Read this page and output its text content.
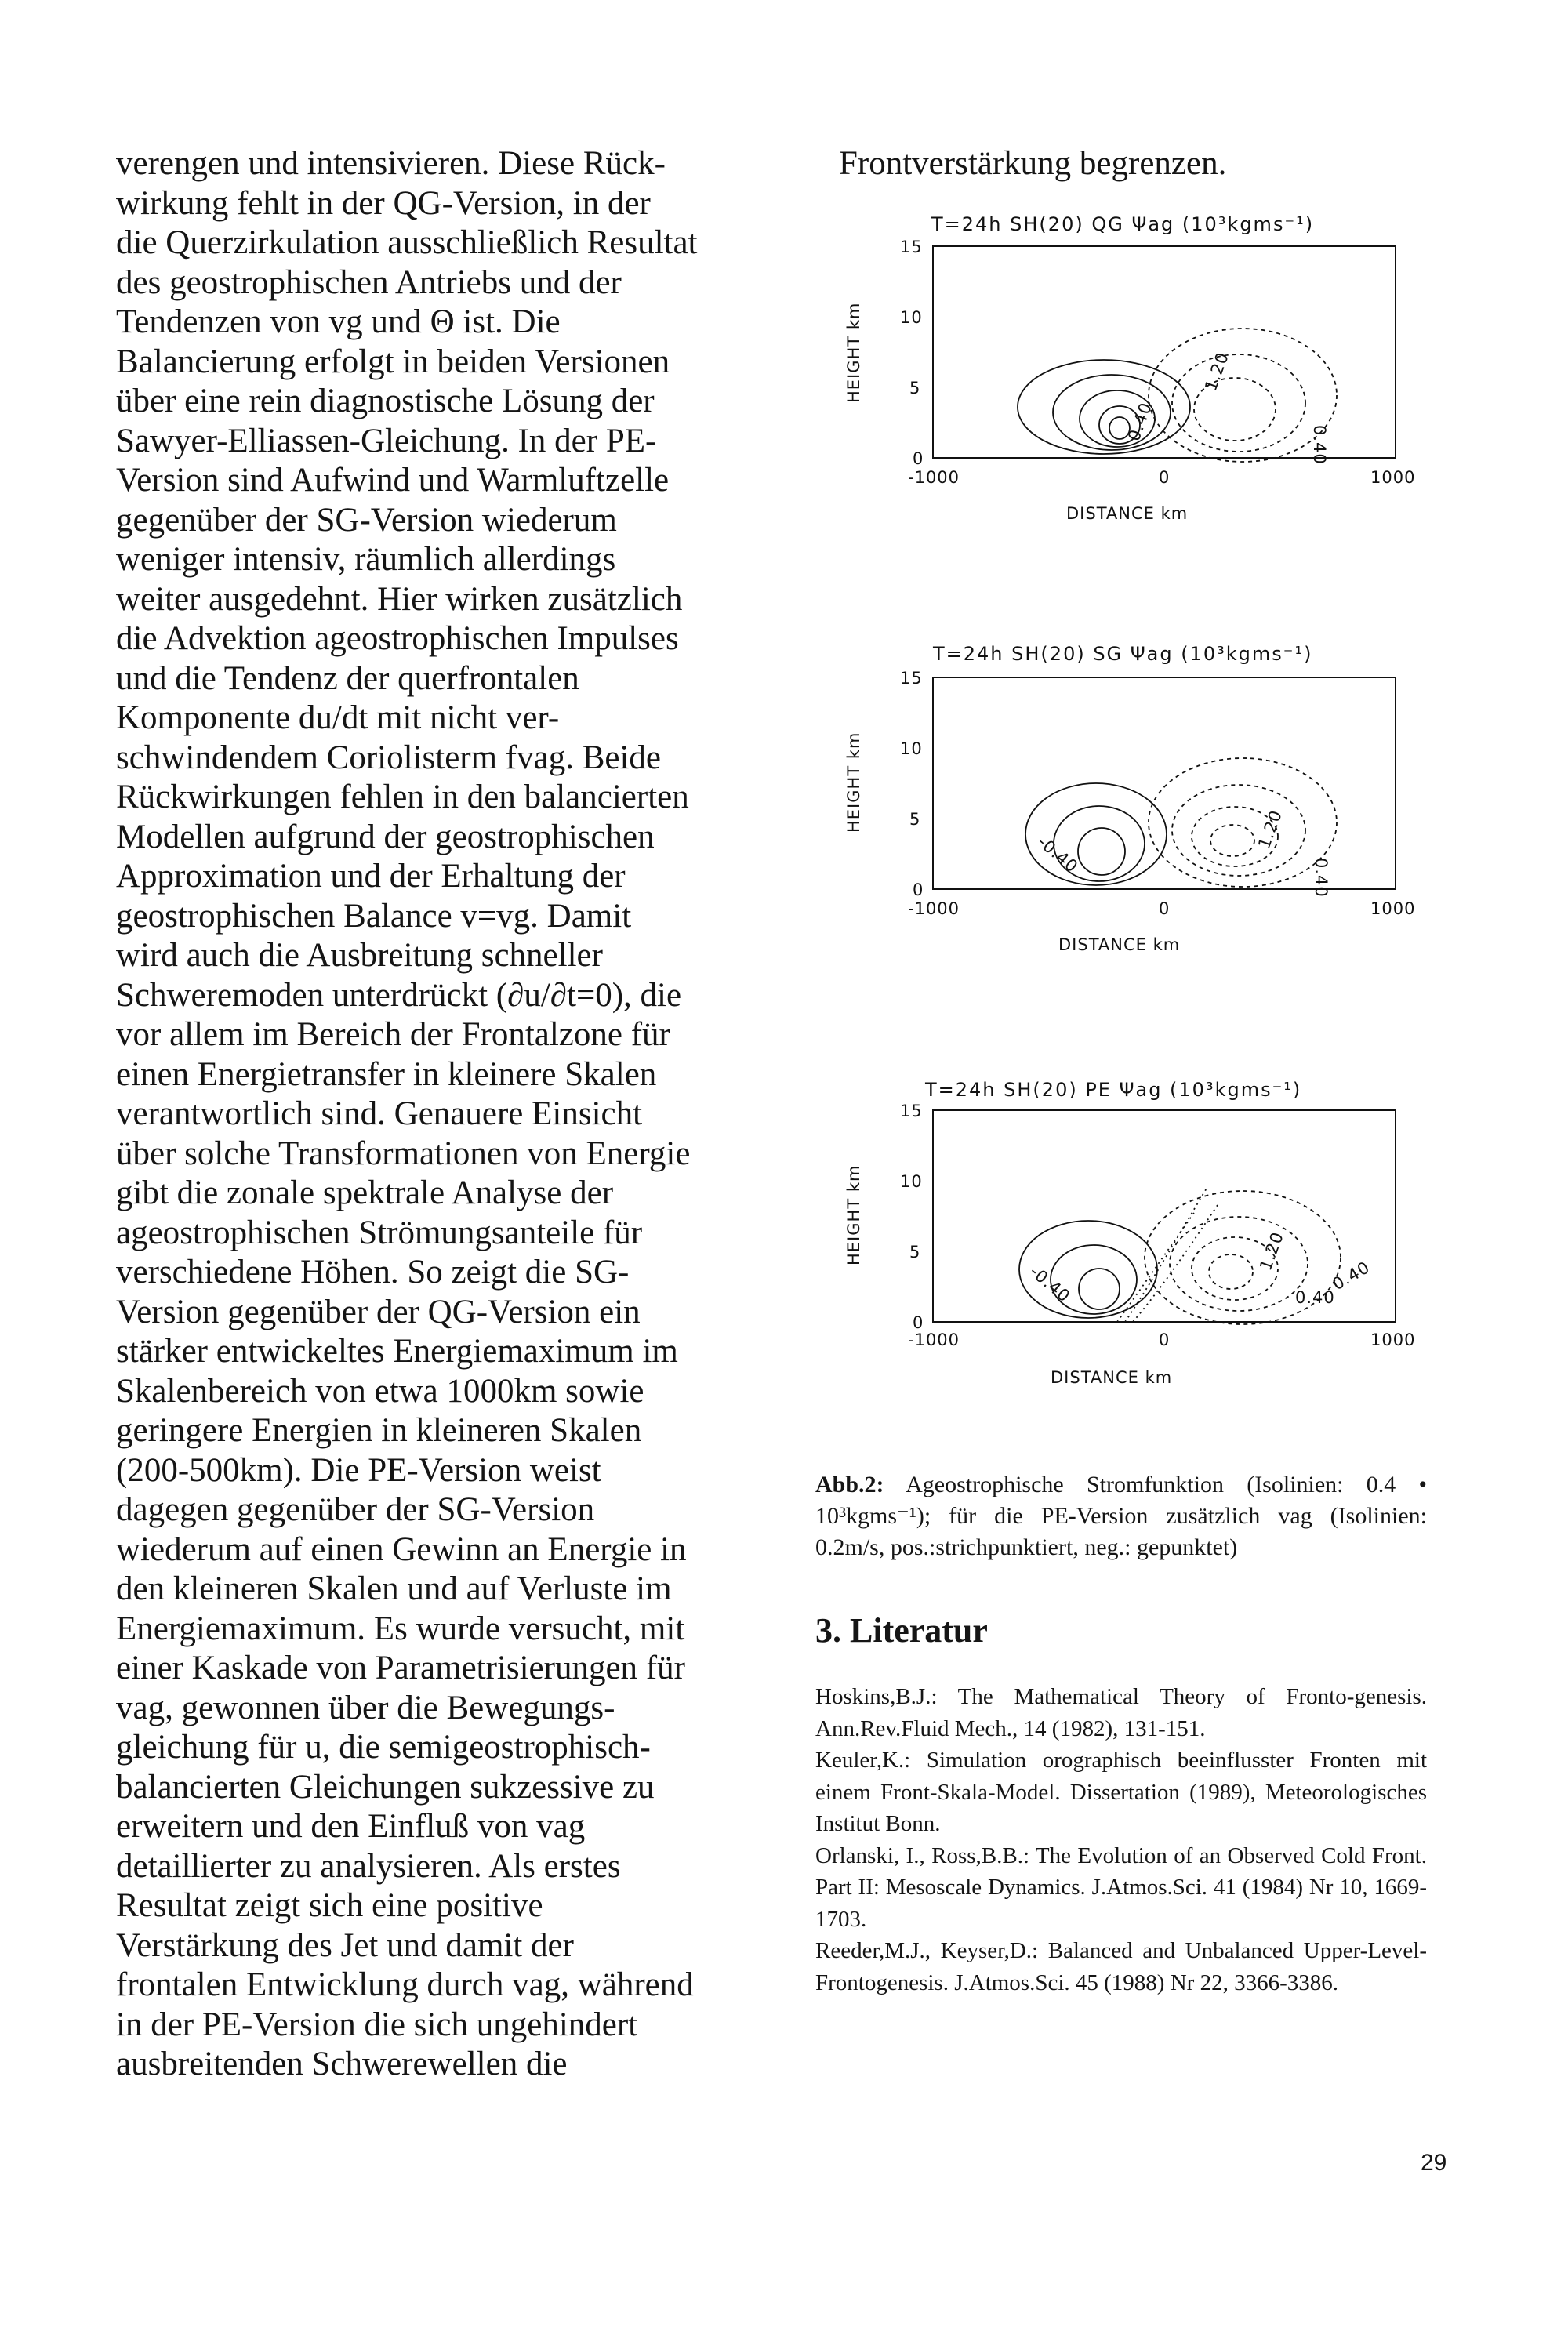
verengen und intensivieren. Diese Rück-

wirkung fehlt in der QG-Version, in der

die Querzirkulation ausschließlich Resultat

des geostrophischen Antriebs und der

Tendenzen von vg und Θ ist. Die

Balancierung erfolgt in beiden Versionen

über eine rein diagnostische Lösung der

Sawyer-Elliassen-Gleichung. In der PE-

Version sind Aufwind und Warmluftzelle

gegenüber der SG-Version wiederum

weniger intensiv, räumlich allerdings

weiter ausgedehnt. Hier wirken zusätzlich

die Advektion ageostrophischen Impulses

und die Tendenz der querfrontalen

Komponente du/dt mit nicht ver-

schwindendem Coriolisterm fvag. Beide

Rückwirkungen fehlen in den balancierten

Modellen aufgrund der geostrophischen

Approximation und der Erhaltung der

geostrophischen Balance v=vg. Damit

wird auch die Ausbreitung schneller

Schweremoden unterdrückt (∂u/∂t=0), die

vor allem im Bereich der Frontalzone für

einen Energietransfer in kleinere Skalen

verantwortlich sind. Genauere Einsicht

über solche Transformationen von Energie

gibt die zonale spektrale Analyse der

ageostrophischen Strömungsanteile für

verschiedene Höhen. So zeigt die SG-

Version gegenüber der QG-Version ein

stärker entwickeltes Energiemaximum im

Skalenbereich von etwa 1000km sowie

geringere Energien in kleineren Skalen

(200-500km). Die PE-Version weist

dagegen gegenüber der SG-Version

wiederum auf einen Gewinn an Energie in

den kleineren Skalen und auf Verluste im

Energiemaximum. Es wurde versucht, mit

einer Kaskade von Parametrisierungen für

vag, gewonnen über die Bewegungs-

gleichung für u, die semigeostrophisch-

balancierten Gleichungen sukzessive zu

erweitern und den Einfluß von vag

detaillierter zu analysieren. Als erstes

Resultat zeigt sich eine positive

Verstärkung des Jet und damit der

frontalen Entwicklung durch vag, während

in der PE-Version die sich ungehindert

ausbreitenden Schwerewellen die

Frontverstärkung begrenzen.

T=24h SH(20) QG Ψag (10³kgms⁻¹)
HEIGHT km
15
10
5
0
-1000	0	1000
DISTANCE km
0.40
1.20
0.40
T=24h SH(20) SG Ψag (10³kgms⁻¹)
HEIGHT km
15
10
5
0
-1000	0	1000
DISTANCE km
-0.40
1.20
0.40
T=24h SH(20) PE Ψag (10³kgms⁻¹)
HEIGHT km
15
10
5
0
-1000	0	1000
DISTANCE km
-0.40
1.20
0.40
0.40
Abb.2: Ageostrophische Stromfunktion (Isolinien: 0.4 • 10³kgms⁻¹); für die PE-Version zusätzlich vag (Isolinien: 0.2m/s, pos.:strichpunktiert, neg.: gepunktet)
3. Literatur

Hoskins,B.J.: The Mathematical Theory of Fronto-genesis. Ann.Rev.Fluid Mech., 14 (1982), 131-151.

Keuler,K.: Simulation orographisch beeinflusster Fronten mit einem Front-Skala-Model. Dissertation (1989), Meteorologisches Institut Bonn.

Orlanski, I., Ross,B.B.: The Evolution of an Observed Cold Front. Part II: Mesoscale Dynamics. J.Atmos.Sci. 41 (1984) Nr 10, 1669-1703.

Reeder,M.J., Keyser,D.: Balanced and Unbalanced Upper-Level-Frontogenesis. J.Atmos.Sci. 45 (1988) Nr 22, 3366-3386.

29
